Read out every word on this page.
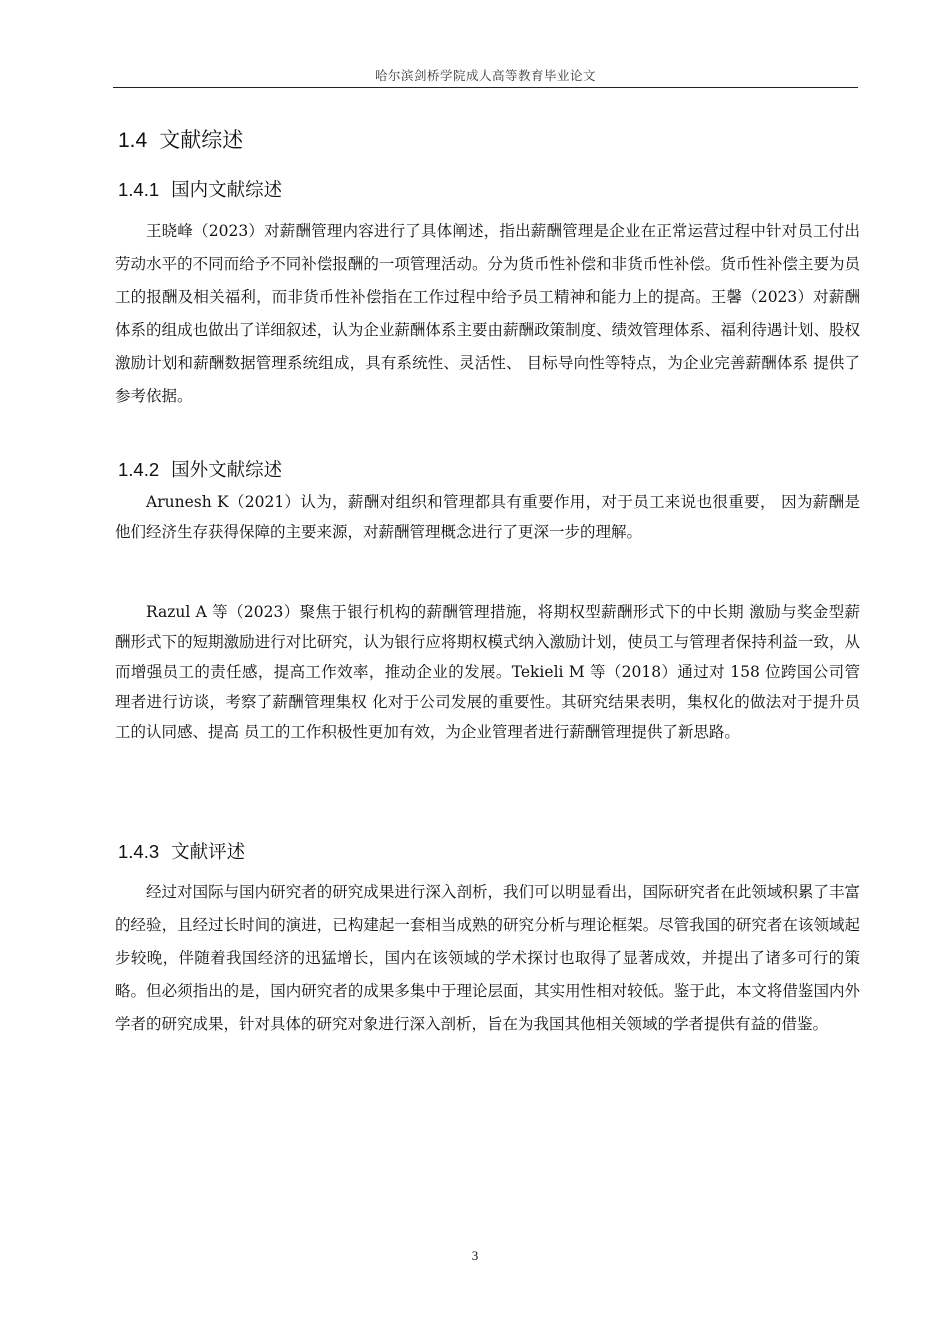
哈尔滨剑桥学院成人高等教育毕业论文
1.4 文献综述
1.4.1 国内文献综述

王晓峰（2023）对薪酬管理内容进行了具体阐述，指出薪酬管理是企业在正常运营过程中针对员工付出劳动水平的不同而给予不同补偿报酬的一项管理活动。分为货币性补偿和非货币性补偿。货币性补偿主要为员工的报酬及相关福利，而非货币性补偿指在工作过程中给予员工精神和能力上的提高。王馨（2023）对薪酬体系的组成也做出了详细叙述，认为企业薪酬体系主要由薪酬政策制度、绩效管理体系、福利待遇计划、股权激励计划和薪酬数据管理系统组成，具有系统性、灵活性、 目标导向性等特点，为企业完善薪酬体系 提供了参考依据。

1.4.2 国外文献综述

Arunesh K（2021）认为，薪酬对组织和管理都具有重要作用，对于员工来说也很重要， 因为薪酬是他们经济生存获得保障的主要来源，对薪酬管理概念进行了更深一步的理解。

Razul A 等（2023）聚焦于银行机构的薪酬管理措施，将期权型薪酬形式下的中长期 激励与奖金型薪酬形式下的短期激励进行对比研究，认为银行应将期权模式纳入激励计划，使员工与管理者保持利益一致，从而增强员工的责任感，提高工作效率，推动企业的发展。Tekieli M 等（2018）通过对 158 位跨国公司管理者进行访谈，考察了薪酬管理集权 化对于公司发展的重要性。其研究结果表明，集权化的做法对于提升员工的认同感、提高 员工的工作积极性更加有效，为企业管理者进行薪酬管理提供了新思路。

1.4.3 文献评述

经过对国际与国内研究者的研究成果进行深入剖析，我们可以明显看出，国际研究者在此领域积累了丰富的经验，且经过长时间的演进，已构建起一套相当成熟的研究分析与理论框架。尽管我国的研究者在该领域起步较晚，伴随着我国经济的迅猛增长，国内在该领域的学术探讨也取得了显著成效，并提出了诸多可行的策略。但必须指出的是，国内研究者的成果多集中于理论层面，其实用性相对较低。鉴于此，本文将借鉴国内外学者的研究成果，针对具体的研究对象进行深入剖析，旨在为我国其他相关领域的学者提供有益的借鉴。

3
